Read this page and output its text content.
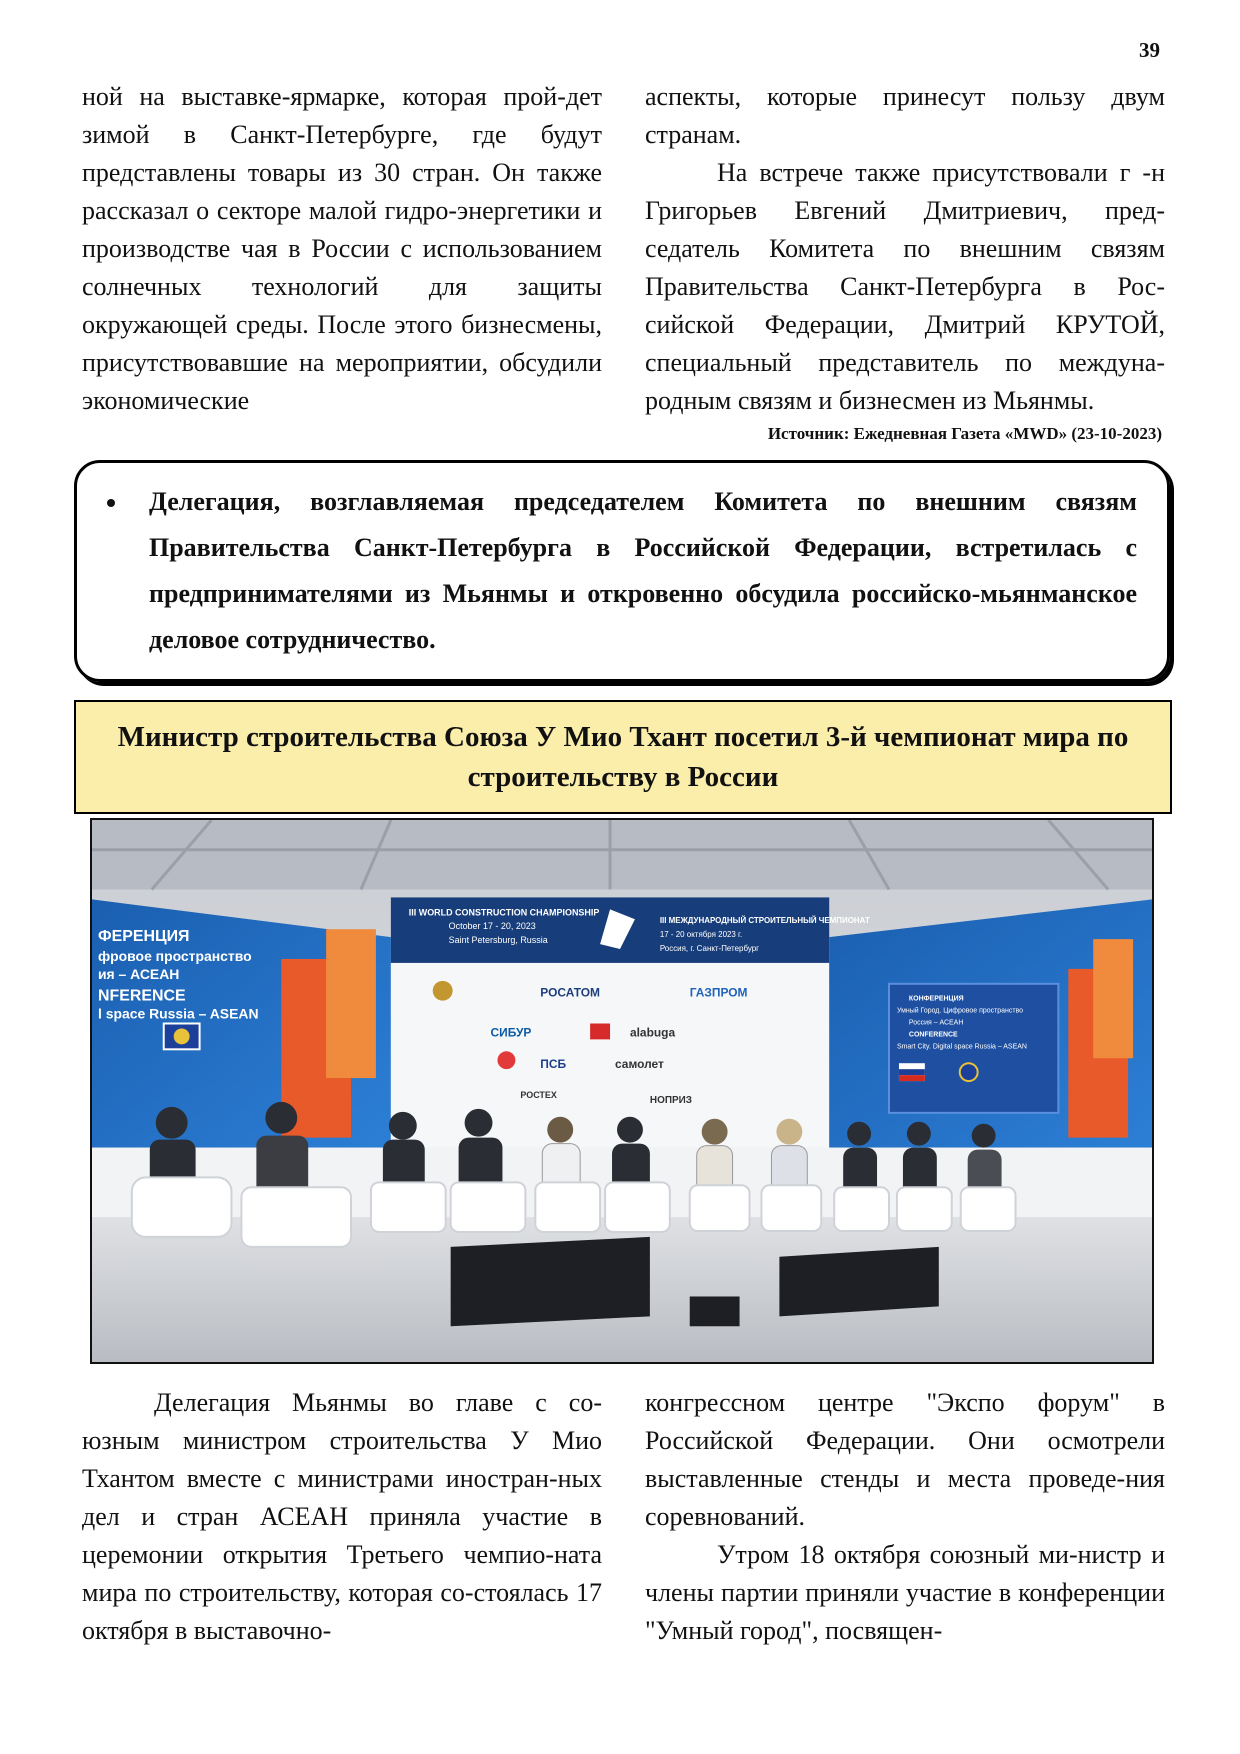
39

ной на выставке-ярмарке, которая прой-дет зимой в Санкт-Петербурге, где будут представлены товары из 30 стран. Он также рассказал о секторе малой гидро-энергетики и производстве чая в России с использованием солнечных технологий для защиты окружающей среды. После этого бизнесмены, присутствовавшие на мероприятии, обсудили экономические

аспекты, которые принесут пользу двум странам.

На встрече также присутствовали г -н Григорьев Евгений Дмитриевич, пред-седатель Комитета по внешним связям Правительства Санкт-Петербурга в Рос-сийской Федерации, Дмитрий КРУТОЙ, специальный представитель по междуна-родным связям и бизнесмен из Мьянмы.

Источник: Ежедневная Газета «MWD» (23-10-2023)
• Делегация, возглавляемая председателем Комитета по внешним связям Правительства Санкт-Петербурга в Российской Федерации, встретилась с предпринимателями из Мьянмы и откровенно обсудила российско-мьянманское деловое сотрудничество.
Министр строительства Союза У Мио Тхант посетил 3-й чемпионат мира по строительству в России
ФЕРЕНЦИЯ
фровое пространство
ия – АСЕАН
NFERENCE
l space Russia – ASEAN
III WORLD CONSTRUCTION CHAMPIONSHIP
October 17 - 20, 2023
Saint Petersburg, Russia
III МЕЖДУНАРОДНЫЙ СТРОИТЕЛЬНЫЙ ЧЕМПИОНАТ
17 - 20 октября 2023 г.
Россия, г. Санкт-Петербург
РОСАТОМ	ГАЗПРОМ
СИБУР	alabuga
ПСБ	самолет
РОСТЕХ	НОПРИЗ
КОНФЕРЕНЦИЯ
Умный Город. Цифровое пространство
Россия – АСЕАН
CONFERENCE
Smart City. Digital space Russia – ASEAN

Делегация Мьянмы во главе с со-юзным министром строительства У Мио Тхантом вместе с министрами иностран-ных дел и стран АСЕАН приняла участие в церемонии открытия Третьего чемпио-ната мира по строительству, которая со-стоялась 17 октября в выставочно-

конгрессном центре "Экспо форум" в Российской Федерации. Они осмотрели выставленные стенды и места проведе-ния соревнований.

Утром 18 октября союзный ми-нистр и члены партии приняли участие в конференции "Умный город", посвящен-
